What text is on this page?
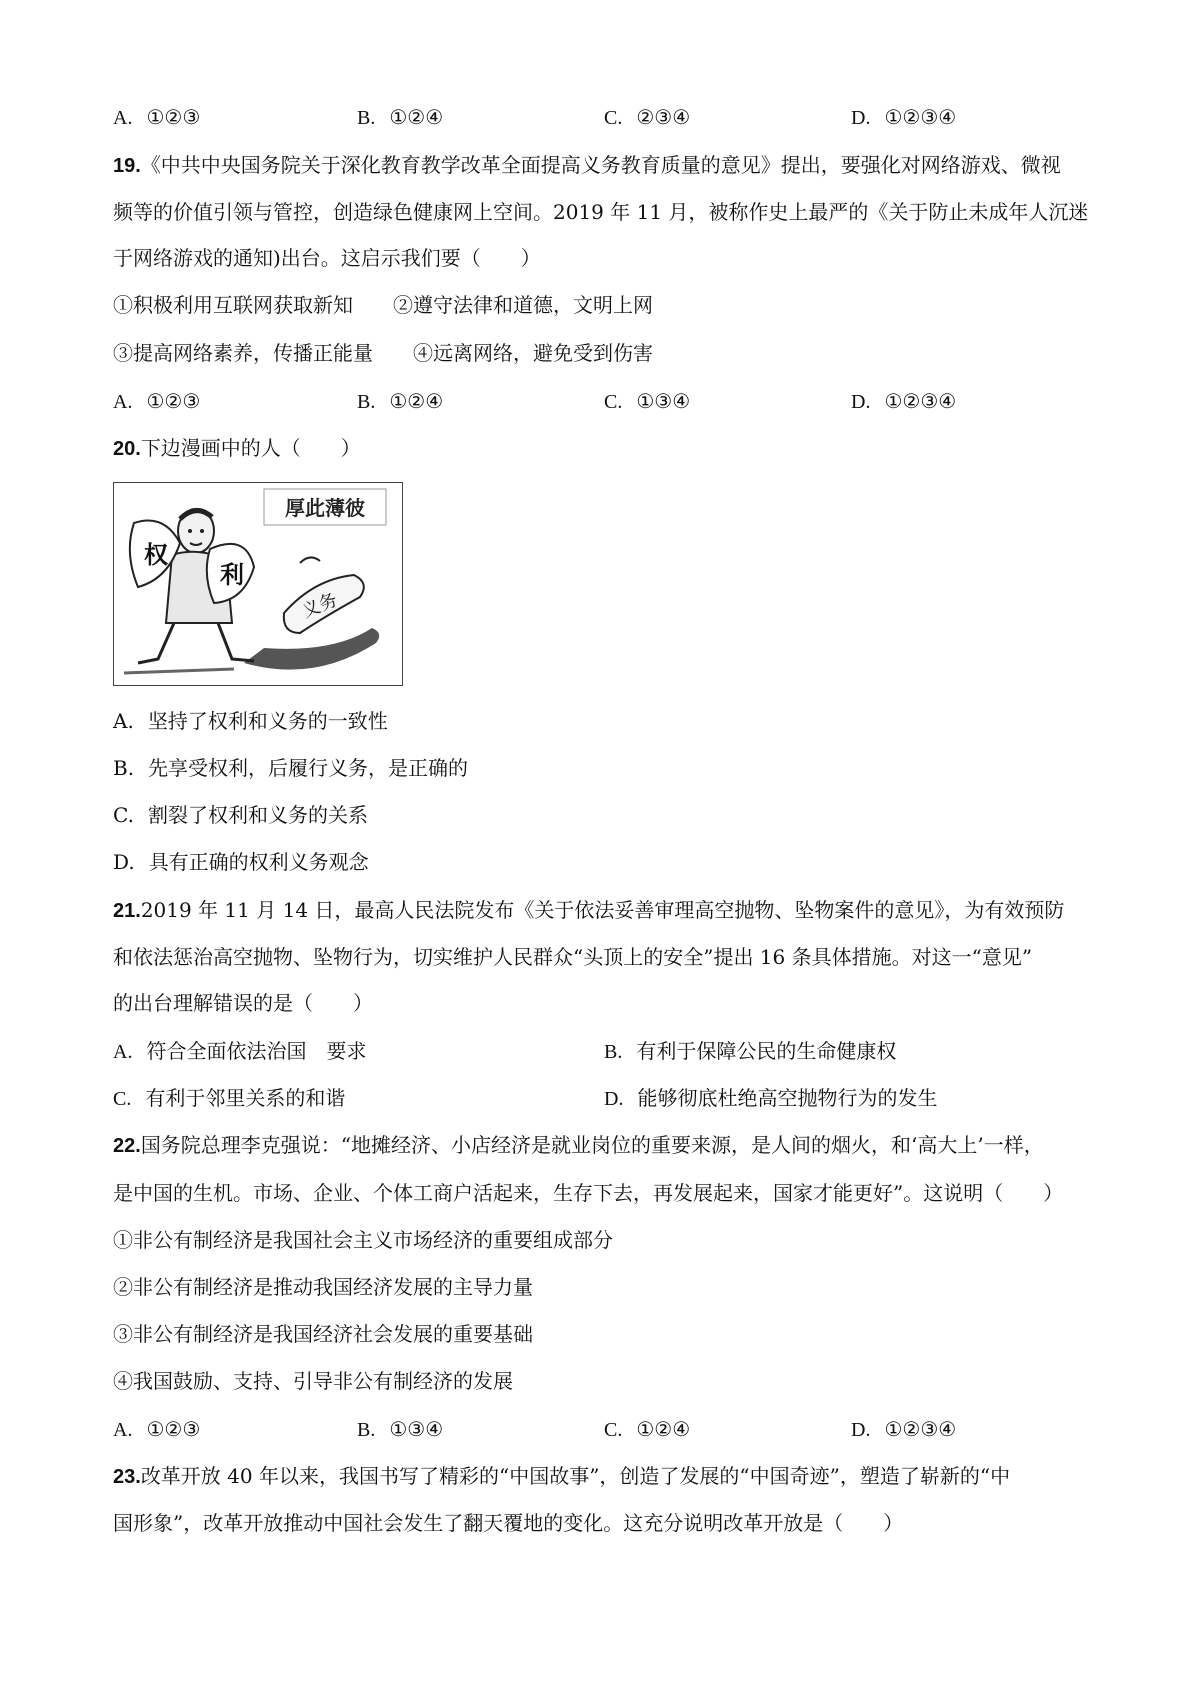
A. ①②③	B. ①②④	C. ②③④	D. ①②③④
19.《中共中央国务院关于深化教育教学改革全面提高义务教育质量的意见》提出，要强化对网络游戏、微视
频等的价值引领与管控，创造绿色健康网上空间。2019 年 11 月，被称作史上最严的《关于防止未成年人沉迷
于网络游戏的通知)出台。这启示我们要（　　）
①积极利用互联网获取新知　　②遵守法律和道德，文明上网
③提高网络素养，传播正能量　　④远离网络，避免受到伤害
A. ①②③	B. ①②④	C. ①③④	D. ①②③④
20.下边漫画中的人（　　）
厚此薄彼
权
利
义务
A. 坚持了权利和义务的一致性
B. 先享受权利，后履行义务，是正确的
C. 割裂了权利和义务的关系
D. 具有正确的权利义务观念
21.2019 年 11 月 14 日，最高人民法院发布《关于依法妥善审理高空抛物、坠物案件的意见》，为有效预防
和依法惩治高空抛物、坠物行为，切实维护人民群众“头顶上的安全”提出 16 条具体措施。对这一“意见”
的出台理解错误的是（　　）
A. 符合全面依法治国　要求	B. 有利于保障公民的生命健康权
C. 有利于邻里关系的和谐	D. 能够彻底杜绝高空抛物行为的发生
22.国务院总理李克强说：“地摊经济、小店经济是就业岗位的重要来源，是人间的烟火，和‘高大上’一样，
是中国的生机。市场、企业、个体工商户活起来，生存下去，再发展起来，国家才能更好”。这说明（　　）
①非公有制经济是我国社会主义市场经济的重要组成部分
②非公有制经济是推动我国经济发展的主导力量
③非公有制经济是我国经济社会发展的重要基础
④我国鼓励、支持、引导非公有制经济的发展
A. ①②③	B. ①③④	C. ①②④	D. ①②③④
23.改革开放 40 年以来，我国书写了精彩的“中国故事”，创造了发展的“中国奇迹”，塑造了崭新的“中
国形象”，改革开放推动中国社会发生了翻天覆地的变化。这充分说明改革开放是（　　）
